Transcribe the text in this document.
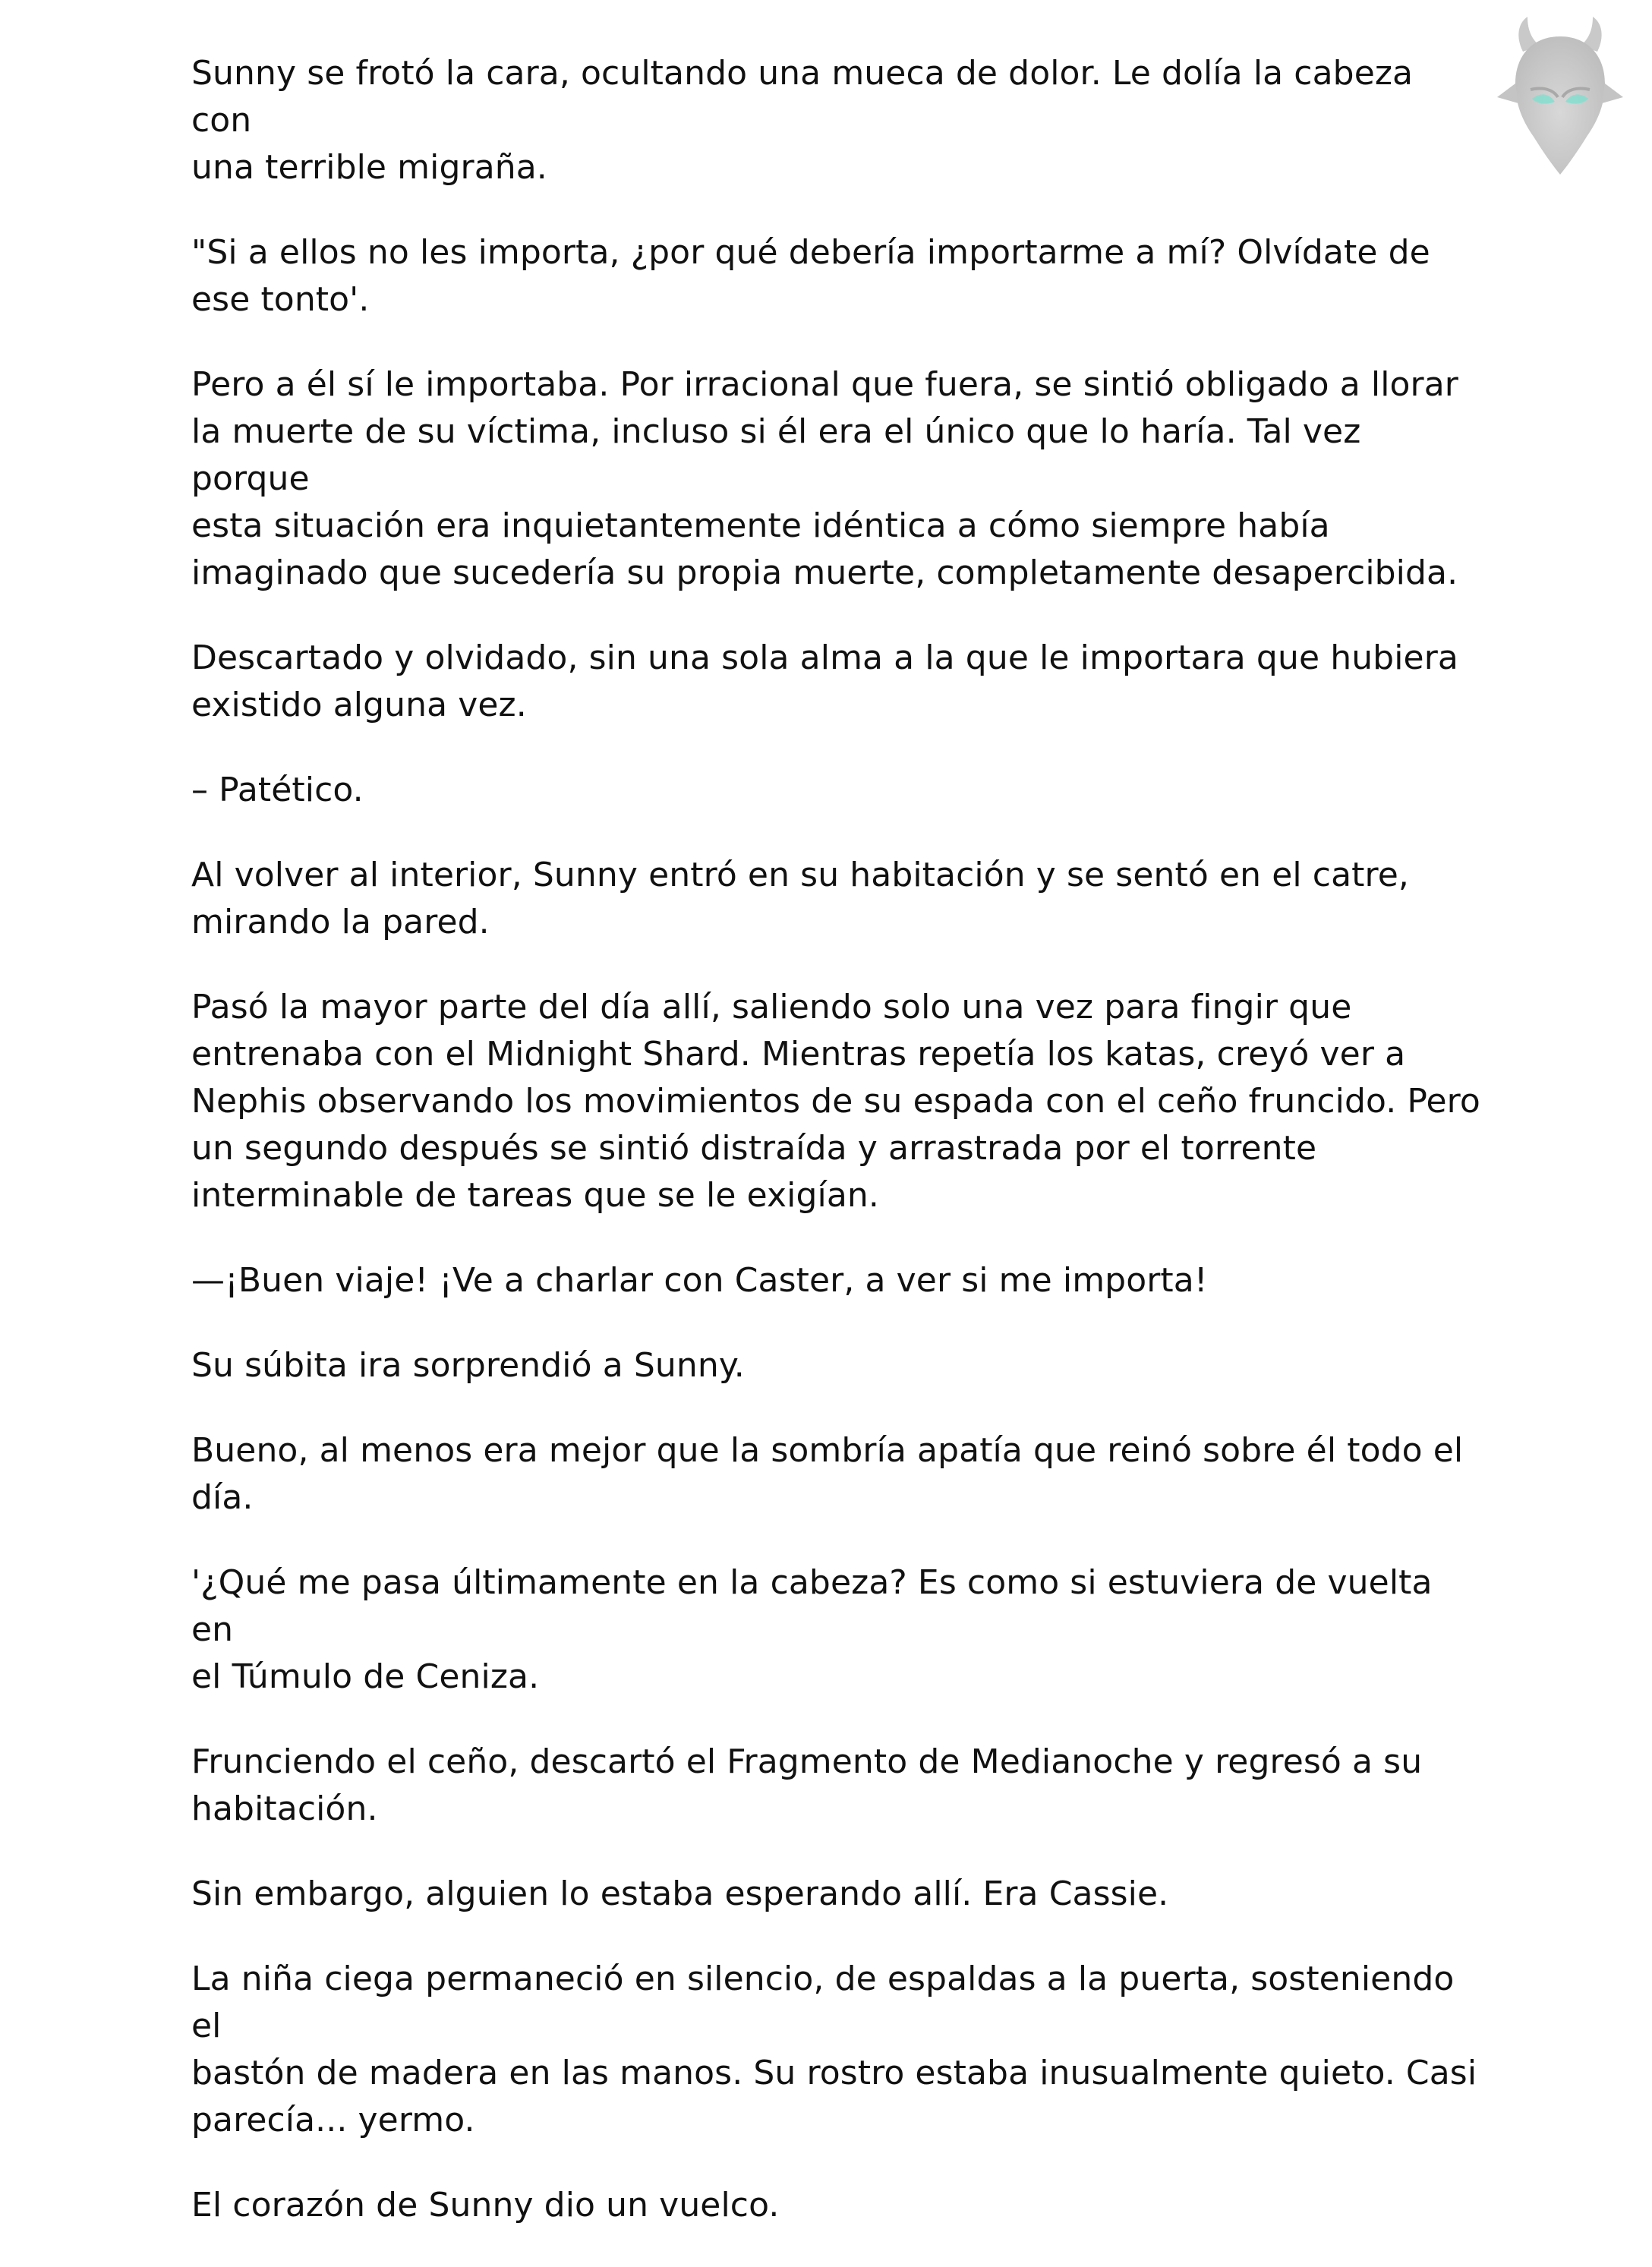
Sunny se frotó la cara, ocultando una mueca de dolor. Le dolía la cabeza con
una terrible migraña.

"Si a ellos no les importa, ¿por qué debería importarme a mí? Olvídate de
ese tonto'.

Pero a él sí le importaba. Por irracional que fuera, se sintió obligado a llorar
la muerte de su víctima, incluso si él era el único que lo haría. Tal vez porque
esta situación era inquietantemente idéntica a cómo siempre había
imaginado que sucedería su propia muerte, completamente desapercibida.

Descartado y olvidado, sin una sola alma a la que le importara que hubiera
existido alguna vez.

– Patético.

Al volver al interior, Sunny entró en su habitación y se sentó en el catre,
mirando la pared.

Pasó la mayor parte del día allí, saliendo solo una vez para fingir que
entrenaba con el Midnight Shard. Mientras repetía los katas, creyó ver a
Nephis observando los movimientos de su espada con el ceño fruncido. Pero
un segundo después se sintió distraída y arrastrada por el torrente
interminable de tareas que se le exigían.

—¡Buen viaje! ¡Ve a charlar con Caster, a ver si me importa!

Su súbita ira sorprendió a Sunny.

Bueno, al menos era mejor que la sombría apatía que reinó sobre él todo el
día.

'¿Qué me pasa últimamente en la cabeza? Es como si estuviera de vuelta en
el Túmulo de Ceniza.

Frunciendo el ceño, descartó el Fragmento de Medianoche y regresó a su
habitación.

Sin embargo, alguien lo estaba esperando allí. Era Cassie.

La niña ciega permaneció en silencio, de espaldas a la puerta, sosteniendo el
bastón de madera en las manos. Su rostro estaba inusualmente quieto. Casi
parecía... yermo.

El corazón de Sunny dio un vuelco.
